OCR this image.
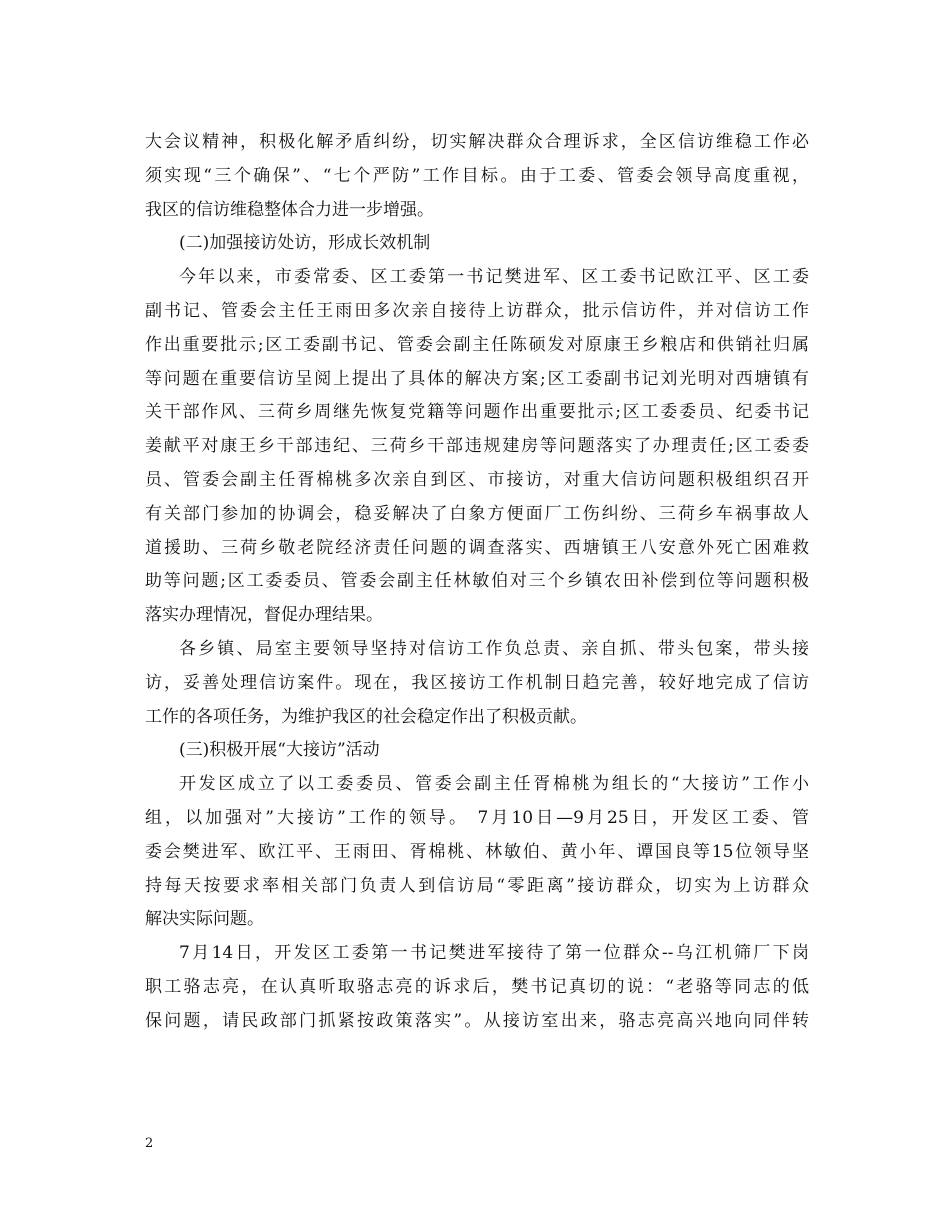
大会议精神，积极化解矛盾纠纷，切实解决群众合理诉求，全区信访维稳工作必
须实现“三个确保”、“七个严防”工作目标。由于工委、管委会领导高度重视，
我区的信访维稳整体合力进一步增强。
(二)加强接访处访，形成长效机制
今年以来，市委常委、区工委第一书记樊进军、区工委书记欧江平、区工委
副书记、管委会主任王雨田多次亲自接待上访群众，批示信访件，并对信访工作
作出重要批示;区工委副书记、管委会副主任陈硕发对原康王乡粮店和供销社归属
等问题在重要信访呈阅上提出了具体的解决方案;区工委副书记刘光明对西塘镇有
关干部作风、三荷乡周继先恢复党籍等问题作出重要批示;区工委委员、纪委书记
姜献平对康王乡干部违纪、三荷乡干部违规建房等问题落实了办理责任;区工委委
员、管委会副主任胥棉桃多次亲自到区、市接访，对重大信访问题积极组织召开
有关部门参加的协调会，稳妥解决了白象方便面厂工伤纠纷、三荷乡车祸事故人
道援助、三荷乡敬老院经济责任问题的调查落实、西塘镇王八安意外死亡困难救
助等问题;区工委委员、管委会副主任林敏伯对三个乡镇农田补偿到位等问题积极
落实办理情况，督促办理结果。
各乡镇、局室主要领导坚持对信访工作负总责、亲自抓、带头包案，带头接
访，妥善处理信访案件。现在，我区接访工作机制日趋完善，较好地完成了信访
工作的各项任务，为维护我区的社会稳定作出了积极贡献。
(三)积极开展“大接访”活动
开发区成立了以工委委员、管委会副主任胥棉桃为组长的“大接访”工作小
组，以加强对”大接访”工作的领导。 7月10日—9月25日，开发区工委、管
委会樊进军、欧江平、王雨田、胥棉桃、林敏伯、黄小年、谭国良等15位领导坚
持每天按要求率相关部门负责人到信访局“零距离”接访群众，切实为上访群众
解决实际问题。
7月14日，开发区工委第一书记樊进军接待了第一位群众--乌江机筛厂下岗
职工骆志亮，在认真听取骆志亮的诉求后，樊书记真切的说：“老骆等同志的低
保问题，请民政部门抓紧按政策落实”。从接访室出来，骆志亮高兴地向同伴转
2
